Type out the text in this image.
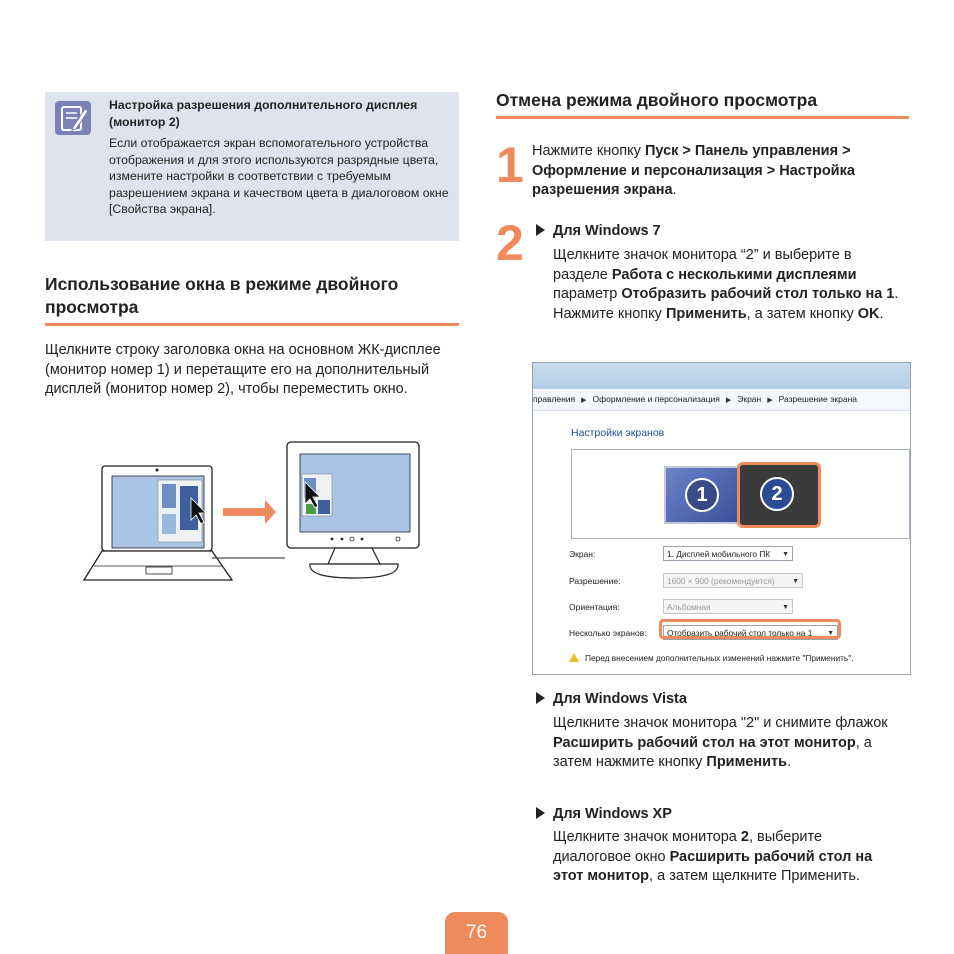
Настройка разрешения дополнительного дисплея (монитор 2)
Если отображается экран вспомогательного устройства отображения и для этого используются разрядные цвета, измените настройки в соответствии с требуемым разрешением экрана и качеством цвета в диалоговом окне [Свойства экрана].
Использование окна в режиме двойного просмотра
Щелкните строку заголовка окна на основном ЖК-дисплее (монитор номер 1) и перетащите его на дополнительный дисплей (монитор номер 2), чтобы переместить окно.
Отмена режима двойного просмотра
1 Нажмите кнопку Пуск > Панель управления > Оформление и персонализация > Настройка разрешения экрана.
2	Для Windows 7
Щелкните значок монитора “2” и выберите в разделе Работа с несколькими дисплеями параметр Отобразить рабочий стол только на 1. Нажмите кнопку Применить, а затем кнопку OK.
правления ▶ Оформление и персонализация ▶ Экран ▶ Разрешение экрана
Настройки экранов
1	2
Экран:	1. Дисплей мобильного ПК ▼
Разрешение:	1600 × 900 (рекомендуется) ▼
Ориентация:	Альбомная	▼
Несколько экранов:	Отобразить рабочий стол только на 1 ▼
Перед внесением дополнительных изменений нажмите "Применить".
Для Windows Vista
Щелкните значок монитора "2" и снимите флажок Расширить рабочий стол на этот монитор, а затем нажмите кнопку Применить.
Для Windows XP
Щелкните значок монитора 2, выберите диалоговое окно Расширить рабочий стол на этот монитор, а затем щелкните Применить.
76
